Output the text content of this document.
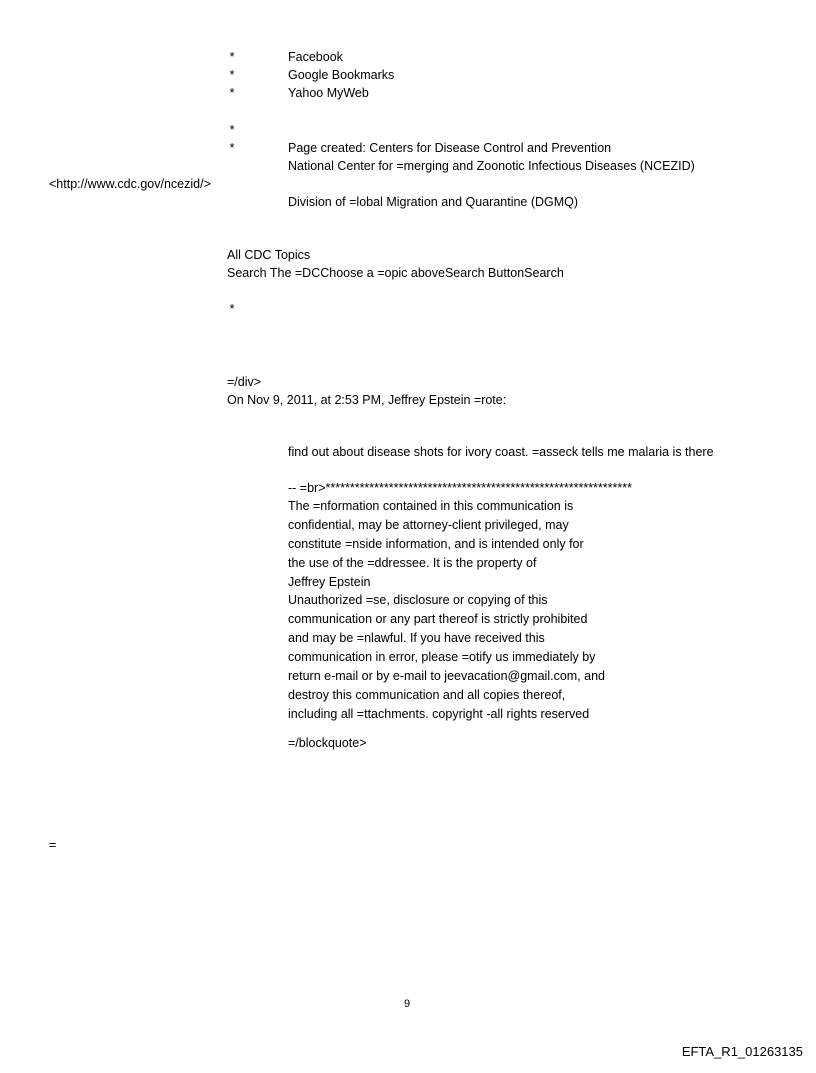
*	Facebook
*	Google Bookmarks
*	Yahoo MyWeb
*
*	Page created: Centers for Disease Control and Prevention
National Center for =merging and Zoonotic Infectious Diseases (NCEZID)
<http://www.cdc.gov/ncezid/>
Division of =lobal Migration and Quarantine (DGMQ)
All CDC Topics
Search The =DCChoose a =opic aboveSearch ButtonSearch
*
=/div>
On Nov 9, 2011, at 2:53 PM, Jeffrey Epstein =rote:
find out about disease shots for ivory coast. =asseck tells me malaria is there
-- =br>***************************************************************
The =nformation contained in this communication is
confidential, may be attorney-client privileged, may
constitute =nside information, and is intended only for
the use of the =ddressee. It is the property of
Jeffrey Epstein
Unauthorized =se, disclosure or copying of this
communication or any part thereof is strictly prohibited
and may be =nlawful. If you have received this
communication in error, please =otify us immediately by
return e-mail or by e-mail to jeevacation@gmail.com, and
destroy this communication and all copies thereof,
including all =ttachments. copyright -all rights reserved
=/blockquote>
=
9
EFTA_R1_01263135
